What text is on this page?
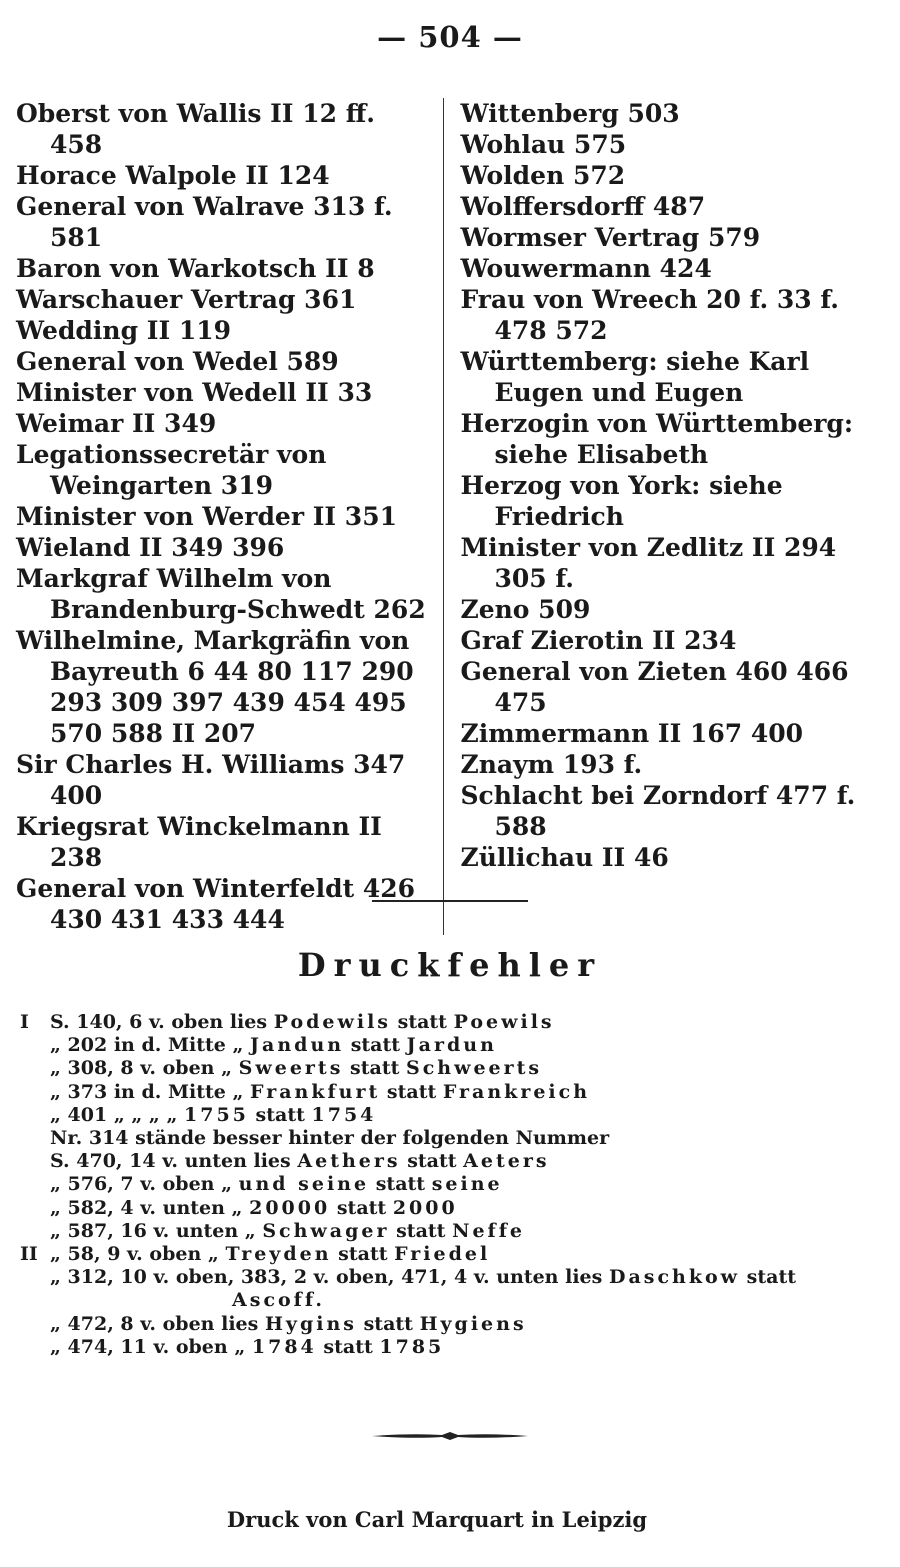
— 504 —
Oberst von Wallis II 12 ff. 458
Horace Walpole II 124
General von Walrave 313 f. 581
Baron von Warkotsch II 8
Warschauer Vertrag 361
Wedding II 119
General von Wedel 589
Minister von Wedell II 33
Weimar II 349
Legationssecretär von Weingarten 319
Minister von Werder II 351
Wieland II 349 396
Markgraf Wilhelm von Brandenburg-Schwedt 262
Wilhelmine, Markgräfin von Bayreuth 6 44 80 117 290 293 309 397 439 454 495 570 588 II 207
Sir Charles H. Williams 347 400
Kriegsrat Winckelmann II 238
General von Winterfeldt 426 430 431 433 444
Wittenberg 503
Wohlau 575
Wolden 572
Wolffersdorff 487
Wormser Vertrag 579
Wouwermann 424
Frau von Wreech 20 f. 33 f. 478 572
Württemberg: siehe Karl Eugen und Eugen
Herzogin von Württemberg: siehe Elisabeth
Herzog von York: siehe Friedrich
Minister von Zedlitz II 294 305 f.
Zeno 509
Graf Zierotin II 234
General von Zieten 460 466 475
Zimmermann II 167 400
Znaym 193 f.
Schlacht bei Zorndorf 477 f. 588
Züllichau II 46
Druckfehler
I	S. 140, 6 v. oben lies Podewils statt Poewils
„ 202 in d. Mitte „ Jandun statt Jardun
„ 308, 8 v. oben „ Sweerts statt Schweerts
„ 373 in d. Mitte „ Frankfurt statt Frankreich
„ 401 „ „ „ „ 1755 statt 1754
Nr. 314 stände besser hinter der folgenden Nummer
S. 470, 14 v. unten lies Aethers statt Aeters
„ 576, 7 v. oben „ und seine statt seine
„ 582, 4 v. unten „ 20000 statt 2000
„ 587, 16 v. unten „ Schwager statt Neffe
II „ 58, 9 v. oben „ Treyden statt Friedel
„ 312, 10 v. oben, 383, 2 v. oben, 471, 4 v. unten lies Daschkow statt
Ascoff.
„ 472, 8 v. oben lies Hygins statt Hygiens
„ 474, 11 v. oben „ 1784 statt 1785
Druck von Carl Marquart in Leipzig
